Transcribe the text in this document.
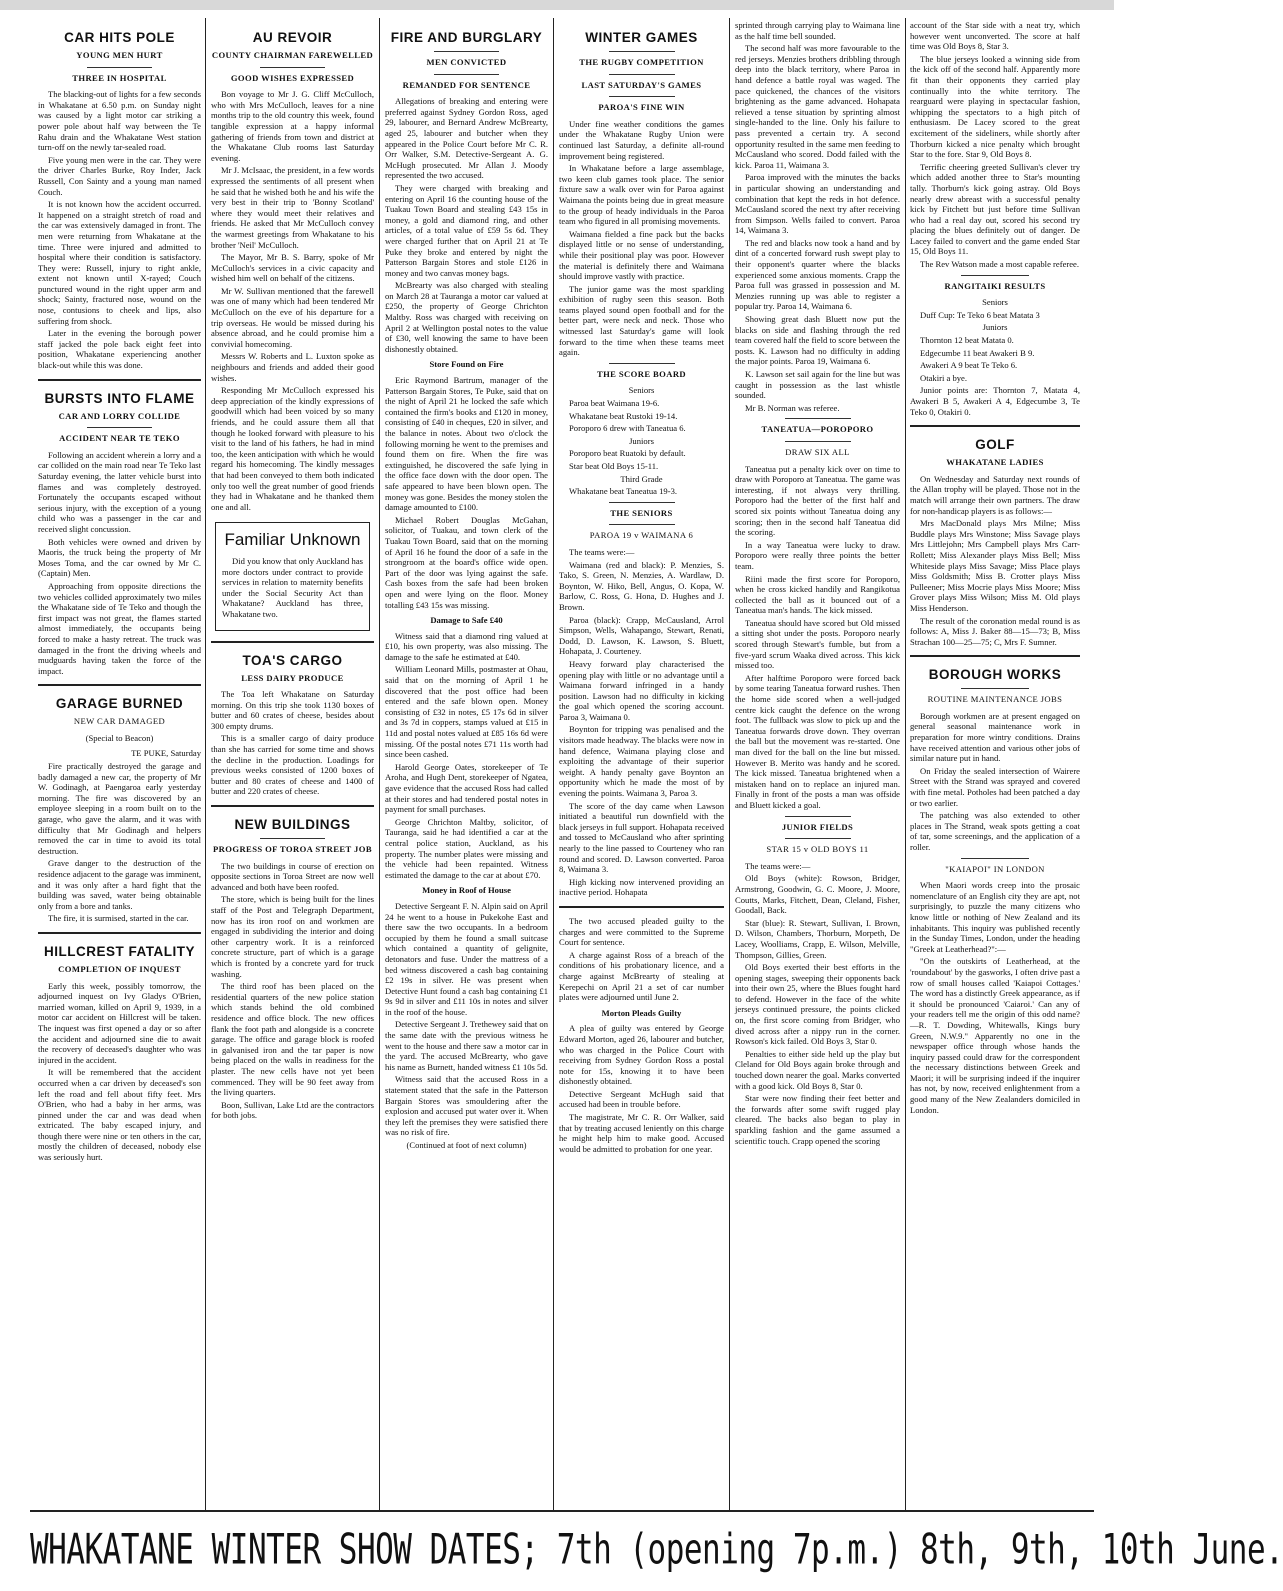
CAR HITS POLE
YOUNG MEN HURT
THREE IN HOSPITAL

The blacking-out of lights for a few seconds in Whakatane at 6.50 p.m. on Sunday night was caused by a light motor car striking a power pole about half way between the Te Rahu drain and the Whakatane West station turn-off on the newly tar-sealed road.

Five young men were in the car. They were the driver Charles Burke, Roy Inder, Jack Russell, Con Sainty and a young man named Couch.

It is not known how the accident occurred. It happened on a straight stretch of road and the car was extensively damaged in front. The men were returning from Whakatane at the time. Three were injured and admitted to hospital where their condition is satisfactory. They were: Russell, injury to right ankle, extent not known until X-rayed; Couch punctured wound in the right upper arm and shock; Sainty, fractured nose, wound on the nose, contusions to cheek and lips, also suffering from shock.

Later in the evening the borough power staff jacked the pole back eight feet into position, Whakatane experiencing another black-out while this was done.

BURSTS INTO FLAME
CAR AND LORRY COLLIDE
ACCIDENT NEAR TE TEKO

Following an accident wherein a lorry and a car collided on the main road near Te Teko last Saturday evening, the latter vehicle burst into flames and was completely destroyed. Fortunately the occupants escaped without serious injury, with the exception of a young child who was a passenger in the car and received slight concussion.

Both vehicles were owned and driven by Maoris, the truck being the property of Mr Moses Toma, and the car owned by Mr C. (Captain) Men.

Approaching from opposite directions the two vehicles collided approximately two miles the Whakatane side of Te Teko and though the first impact was not great, the flames started almost immediately, the occupants being forced to make a hasty retreat. The truck was damaged in the front the driving wheels and mudguards having taken the force of the impact.

GARAGE BURNED
NEW CAR DAMAGED
(Special to Beacon)

TE PUKE, Saturday

Fire practically destroyed the garage and badly damaged a new car, the property of Mr W. Godinagh, at Paengaroa early yesterday morning. The fire was discovered by an employee sleeping in a room built on to the garage, who gave the alarm, and it was with difficulty that Mr Godinagh and helpers removed the car in time to avoid its total destruction.

Grave danger to the destruction of the residence adjacent to the garage was imminent, and it was only after a hard fight that the building was saved, water being obtainable only from a bore and tanks.

The fire, it is surmised, started in the car.

HILLCREST FATALITY
COMPLETION OF INQUEST

Early this week, possibly tomorrow, the adjourned inquest on Ivy Gladys O'Brien, married woman, killed on April 9, 1939, in a motor car accident on Hillcrest will be taken. The inquest was first opened a day or so after the accident and adjourned sine die to await the recovery of deceased's daughter who was injured in the accident.

It will be remembered that the accident occurred when a car driven by deceased's son left the road and fell about fifty feet. Mrs O'Brien, who had a baby in her arms, was pinned under the car and was dead when extricated. The baby escaped injury, and though there were nine or ten others in the car, mostly the children of deceased, nobody else was seriously hurt.

AU REVOIR
COUNTY CHAIRMAN FAREWELLED
GOOD WISHES EXPRESSED

Bon voyage to Mr J. G. Cliff McCulloch, who with Mrs McCulloch, leaves for a nine months trip to the old country this week, found tangible expression at a happy informal gathering of friends from town and district at the Whakatane Club rooms last Saturday evening.

Mr J. McIsaac, the president, in a few words expressed the sentiments of all present when he said that he wished both he and his wife the very best in their trip to 'Bonny Scotland' where they would meet their relatives and friends. He asked that Mr McCulloch convey the warmest greetings from Whakatane to his brother 'Neil' McCulloch.

The Mayor, Mr B. S. Barry, spoke of Mr McCulloch's services in a civic capacity and wished him well on behalf of the citizens.

Mr W. Sullivan mentioned that the farewell was one of many which had been tendered Mr McCulloch on the eve of his departure for a trip overseas. He would be missed during his absence abroad, and he could promise him a convivial homecoming.

Messrs W. Roberts and L. Luxton spoke as neighbours and friends and added their good wishes.

Responding Mr McCulloch expressed his deep appreciation of the kindly expressions of goodwill which had been voiced by so many friends, and he could assure them all that though he looked forward with pleasure to his visit to the land of his fathers, he had in mind too, the keen anticipation with which he would regard his homecoming. The kindly messages that had been conveyed to them both indicated only too well the great number of good friends they had in Whakatane and he thanked them one and all.

Familiar Unknown

Did you know that only Auckland has more doctors under contract to provide services in relation to maternity benefits under the Social Security Act than Whakatane? Auckland has three, Whakatane two.

TOA'S CARGO
LESS DAIRY PRODUCE

The Toa left Whakatane on Saturday morning. On this trip she took 1130 boxes of butter and 60 crates of cheese, besides about 300 empty drums.

This is a smaller cargo of dairy produce than she has carried for some time and shows the decline in the production. Loadings for previous weeks consisted of 1200 boxes of butter and 80 crates of cheese and 1400 of butter and 220 crates of cheese.

NEW BUILDINGS
PROGRESS OF TOROA STREET JOB

The two buildings in course of erection on opposite sections in Toroa Street are now well advanced and both have been roofed.

The store, which is being built for the lines staff of the Post and Telegraph Department, now has its iron roof on and workmen are engaged in subdividing the interior and doing other carpentry work. It is a reinforced concrete structure, part of which is a garage which is fronted by a concrete yard for truck washing.

The third roof has been placed on the residential quarters of the new police station which stands behind the old combined residence and office block. The new offices flank the foot path and alongside is a concrete garage. The office and garage block is roofed in galvanised iron and the tar paper is now being placed on the walls in readiness for the plaster. The new cells have not yet been commenced. They will be 90 feet away from the living quarters.

Boon, Sullivan, Lake Ltd are the contractors for both jobs.

FIRE AND BURGLARY
MEN CONVICTED
REMANDED FOR SENTENCE

Allegations of breaking and entering were preferred against Sydney Gordon Ross, aged 29, labourer, and Bernard Andrew McBrearty, aged 25, labourer and butcher when they appeared in the Police Court before Mr C. R. Orr Walker, S.M. Detective-Sergeant A. G. McHugh prosecuted. Mr Allan J. Moody represented the two accused.

They were charged with breaking and entering on April 16 the counting house of the Tuakau Town Board and stealing £43 15s in money, a gold and diamond ring, and other articles, of a total value of £59 5s 6d. They were charged further that on April 21 at Te Puke they broke and entered by night the Patterson Bargain Stores and stole £126 in money and two canvas money bags.

McBrearty was also charged with stealing on March 28 at Tauranga a motor car valued at £250, the property of George Chrichton Maltby. Ross was charged with receiving on April 2 at Wellington postal notes to the value of £30, well knowing the same to have been dishonestly obtained.

Store Found on Fire

Eric Raymond Bartrum, manager of the Patterson Bargain Stores, Te Puke, said that on the night of April 21 he locked the safe which contained the firm's books and £120 in money, consisting of £40 in cheques, £20 in silver, and the balance in notes. About two o'clock the following morning he went to the premises and found them on fire. When the fire was extinguished, he discovered the safe lying in the office face down with the door open. The safe appeared to have been blown open. The money was gone. Besides the money stolen the damage amounted to £100.

Michael Robert Douglas McGahan, solicitor, of Tuakau, and town clerk of the Tuakau Town Board, said that on the morning of April 16 he found the door of a safe in the strongroom at the board's office wide open. Part of the door was lying against the safe. Cash boxes from the safe had been broken open and were lying on the floor. Money totalling £43 15s was missing.

Damage to Safe £40

Witness said that a diamond ring valued at £10, his own property, was also missing. The damage to the safe he estimated at £40.

William Leonard Mills, postmaster at Ohau, said that on the morning of April 1 he discovered that the post office had been entered and the safe blown open. Money consisting of £32 in notes, £5 17s 6d in silver and 3s 7d in coppers, stamps valued at £15 in 11d and postal notes valued at £85 16s 6d were missing. Of the postal notes £71 11s worth had since been cashed.

Harold George Oates, storekeeper of Te Aroha, and Hugh Dent, storekeeper of Ngatea, gave evidence that the accused Ross had called at their stores and had tendered postal notes in payment for small purchases.

George Chrichton Maltby, solicitor, of Tauranga, said he had identified a car at the central police station, Auckland, as his property. The number plates were missing and the vehicle had been repainted. Witness estimated the damage to the car at about £70.

Money in Roof of House

Detective Sergeant F. N. Alpin said on April 24 he went to a house in Pukekohe East and there saw the two occupants. In a bedroom occupied by them he found a small suitcase which contained a quantity of gelignite, detonators and fuse. Under the mattress of a bed witness discovered a cash bag containing £2 19s in silver. He was present when Detective Hunt found a cash bag containing £1 9s 9d in silver and £11 10s in notes and silver in the roof of the house.

Detective Sergeant J. Trethewey said that on the same date with the previous witness he went to the house and there saw a motor car in the yard. The accused McBrearty, who gave his name as Burnett, handed witness £1 10s 5d.

Witness said that the accused Ross in a statement stated that the safe in the Patterson Bargain Stores was smouldering after the explosion and accused put water over it. When they left the premises they were satisfied there was no risk of fire.

(Continued at foot of next column)

WINTER GAMES
THE RUGBY COMPETITION
LAST SATURDAY'S GAMES
PAROA'S FINE WIN

Under fine weather conditions the games under the Whakatane Rugby Union were continued last Saturday, a definite all-round improvement being registered.

In Whakatane before a large assemblage, two keen club games took place. The senior fixture saw a walk over win for Paroa against Waimana the points being due in great measure to the group of heady individuals in the Paroa team who figured in all promising movements.

Waimana fielded a fine pack but the backs displayed little or no sense of understanding, while their positional play was poor. However the material is definitely there and Waimana should improve vastly with practice.

The junior game was the most sparkling exhibition of rugby seen this season. Both teams played sound open football and for the better part, were neck and neck. Those who witnessed last Saturday's game will look forward to the time when these teams meet again.

THE SCORE BOARD

Seniors

Paroa beat Waimana 19-6.

Whakatane beat Rustoki 19-14.

Poroporo 6 drew with Taneatua 6.

Juniors

Poroporo beat Ruatoki by default.

Star beat Old Boys 15-11.

Third Grade

Whakatane beat Taneatua 19-3.

THE SENIORS
PAROA 19 v WAIMANA 6

The teams were:—

Waimana (red and black): P. Menzies, S. Tako, S. Green, N. Menzies, A. Wardlaw, D. Boynton, W. Hiko, Bell, Angus, O. Kopa, W. Barlow, C. Ross, G. Hona, D. Hughes and J. Brown.

Paroa (black): Crapp, McCausland, Arrol Simpson, Wells, Wahapango, Stewart, Renati, Dodd, D. Lawson, K. Lawson, S. Bluett, Hohapata, J. Courteney.

Heavy forward play characterised the opening play with little or no advantage until a Waimana forward infringed in a handy position. Lawson had no difficulty in kicking the goal which opened the scoring account. Paroa 3, Waimana 0.

Boynton for tripping was penalised and the visitors made headway. The blacks were now in hand defence, Waimana playing close and exploiting the advantage of their superior weight. A handy penalty gave Boynton an opportunity which he made the most of by evening the points. Waimana 3, Paroa 3.

The score of the day came when Lawson initiated a beautiful run downfield with the black jerseys in full support. Hohapata received and tossed to McCausland who after sprinting nearly to the line passed to Courteney who ran round and scored. D. Lawson converted. Paroa 8, Waimana 3.

High kicking now intervened providing an inactive period. Hohapata

The two accused pleaded guilty to the charges and were committed to the Supreme Court for sentence.

A charge against Ross of a breach of the conditions of his probationary licence, and a charge against McBrearty of stealing at Kerepechi on April 21 a set of car number plates were adjourned until June 2.

Morton Pleads Guilty

A plea of guilty was entered by George Edward Morton, aged 26, labourer and butcher, who was charged in the Police Court with receiving from Sydney Gordon Ross a postal note for 15s, knowing it to have been dishonestly obtained.

Detective Sergeant McHugh said that accused had been in trouble before.

The magistrate, Mr C. R. Orr Walker, said that by treating accused leniently on this charge he might help him to make good. Accused would be admitted to probation for one year.

sprinted through carrying play to Waimana line as the half time bell sounded.

The second half was more favourable to the red jerseys. Menzies brothers dribbling through deep into the black territory, where Paroa in hand defence a battle royal was waged. The pace quickened, the chances of the visitors brightening as the game advanced. Hohapata relieved a tense situation by sprinting almost single-handed to the line. Only his failure to pass prevented a certain try. A second opportunity resulted in the same men feeding to McCausland who scored. Dodd failed with the kick. Paroa 11, Waimana 3.

Paroa improved with the minutes the backs in particular showing an understanding and combination that kept the reds in hot defence. McCausland scored the next try after receiving from Simpson. Wells failed to convert. Paroa 14, Waimana 3.

The red and blacks now took a hand and by dint of a concerted forward rush swept play to their opponent's quarter where the blacks experienced some anxious moments. Crapp the Paroa full was grassed in possession and M. Menzies running up was able to register a popular try. Paroa 14, Waimana 6.

Showing great dash Bluett now put the blacks on side and flashing through the red team covered half the field to score between the posts. K. Lawson had no difficulty in adding the major points. Paroa 19, Waimana 6.

K. Lawson set sail again for the line but was caught in possession as the last whistle sounded.

Mr B. Norman was referee.

TANEATUA—POROPORO
DRAW SIX ALL

Taneatua put a penalty kick over on time to draw with Poroporo at Taneatua. The game was interesting, if not always very thrilling. Poroporo had the better of the first half and scored six points without Taneatua doing any scoring; then in the second half Taneatua did the scoring.

In a way Taneatua were lucky to draw. Poroporo were really three points the better team.

Riini made the first score for Poroporo, when he cross kicked handily and Rangikotua collected the ball as it bounced out of a Taneatua man's hands. The kick missed.

Taneatua should have scored but Old missed a sitting shot under the posts. Poroporo nearly scored through Stewart's fumble, but from a five-yard scrum Waaka dived across. This kick missed too.

After halftime Poroporo were forced back by some tearing Taneatua forward rushes. Then the home side scored when a well-judged centre kick caught the defence on the wrong foot. The fullback was slow to pick up and the Taneatua forwards drove down. They overran the ball but the movement was re-started. One man dived for the ball on the line but missed. However B. Merito was handy and he scored. The kick missed. Taneatua brightened when a mistaken hand on to replace an injured man. Finally in front of the posts a man was offside and Bluett kicked a goal.

JUNIOR FIELDS
STAR 15 v OLD BOYS 11

The teams were:—

Old Boys (white): Rowson, Bridger, Armstrong, Goodwin, G. C. Moore, J. Moore, Coutts, Marks, Fitchett, Dean, Cleland, Fisher, Goodall, Back.

Star (blue): R. Stewart, Sullivan, I. Brown, D. Wilson, Chambers, Thorburn, Morpeth, De Lacey, Woolliams, Crapp, E. Wilson, Melville, Thompson, Gillies, Green.

Old Boys exerted their best efforts in the opening stages, sweeping their opponents back into their own 25, where the Blues fought hard to defend. However in the face of the white jerseys continued pressure, the points clicked on, the first score coming from Bridger, who dived across after a nippy run in the corner. Rowson's kick failed. Old Boys 3, Star 0.

Penalties to either side held up the play but Cleland for Old Boys again broke through and touched down nearer the goal. Marks converted with a good kick. Old Boys 8, Star 0.

Star were now finding their feet better and the forwards after some swift rugged play cleared. The backs also began to play in sparkling fashion and the game assumed a scientific touch. Crapp opened the scoring

account of the Star side with a neat try, which however went unconverted. The score at half time was Old Boys 8, Star 3.

The blue jerseys looked a winning side from the kick off of the second half. Apparently more fit than their opponents they carried play continually into the white territory. The rearguard were playing in spectacular fashion, whipping the spectators to a high pitch of enthusiasm. De Lacey scored to the great excitement of the sideliners, while shortly after Thorburn kicked a nice penalty which brought Star to the fore. Star 9, Old Boys 8.

Terrific cheering greeted Sullivan's clever try which added another three to Star's mounting tally. Thorburn's kick going astray. Old Boys nearly drew abreast with a successful penalty kick by Fitchett but just before time Sullivan who had a real day out, scored his second try placing the blues definitely out of danger. De Lacey failed to convert and the game ended Star 15, Old Boys 11.

The Rev Watson made a most capable referee.

RANGITAIKI RESULTS

Seniors

Duff Cup: Te Teko 6 beat Matata 3

Juniors

Thornton 12 beat Matata 0.

Edgecumbe 11 beat Awakeri B 9.

Awakeri A 9 beat Te Teko 6.

Otakiri a bye.

Junior points are: Thornton 7, Matata 4, Awakeri B 5, Awakeri A 4, Edgecumbe 3, Te Teko 0, Otakiri 0.

GOLF
WHAKATANE LADIES

On Wednesday and Saturday next rounds of the Allan trophy will be played. Those not in the match will arrange their own partners. The draw for non-handicap players is as follows:—

Mrs MacDonald plays Mrs Milne; Miss Buddle plays Mrs Winstone; Miss Savage plays Mrs Littlejohn; Mrs Campbell plays Mrs Carr-Rollett; Miss Alexander plays Miss Bell; Miss Whiteside plays Miss Savage; Miss Place plays Miss Goldsmith; Miss B. Crotter plays Miss Pulleener; Miss Mocrie plays Miss Moore; Miss Grover plays Miss Wilson; Miss M. Old plays Miss Henderson.

The result of the coronation medal round is as follows: A, Miss J. Baker 88—15—73; B, Miss Strachan 100—25—75; C, Mrs F. Sumner.

BOROUGH WORKS
ROUTINE MAINTENANCE JOBS

Borough workmen are at present engaged on general seasonal maintenance work in preparation for more wintry conditions. Drains have received attention and various other jobs of similar nature put in hand.

On Friday the sealed intersection of Wairere Street with the Strand was sprayed and covered with fine metal. Potholes had been patched a day or two earlier.

The patching was also extended to other places in The Strand, weak spots getting a coat of tar, some screenings, and the application of a roller.

"KAIAPOI" IN LONDON

When Maori words creep into the prosaic nomenclature of an English city they are apt, not surprisingly, to puzzle the many citizens who know little or nothing of New Zealand and its inhabitants. This inquiry was published recently in the Sunday Times, London, under the heading "Greek at Leatherhead?":—

"On the outskirts of Leatherhead, at the 'roundabout' by the gasworks, I often drive past a row of small houses called 'Kaiapoi Cottages.' The word has a distinctly Greek appearance, as if it should be pronounced 'Caiaroi.' Can any of your readers tell me the origin of this odd name? —R. T. Dowding, Whitewalls, Kings bury Green, N.W.9." Apparently no one in the newspaper office through whose hands the inquiry passed could draw for the correspondent the necessary distinctions between Greek and Maori; it will be surprising indeed if the inquirer has not, by now, received enlightenment from a good many of the New Zealanders domiciled in London.

WHAKATANE WINTER SHOW DATES; 7th (opening 7p.m.) 8th, 9th, 10th June.
